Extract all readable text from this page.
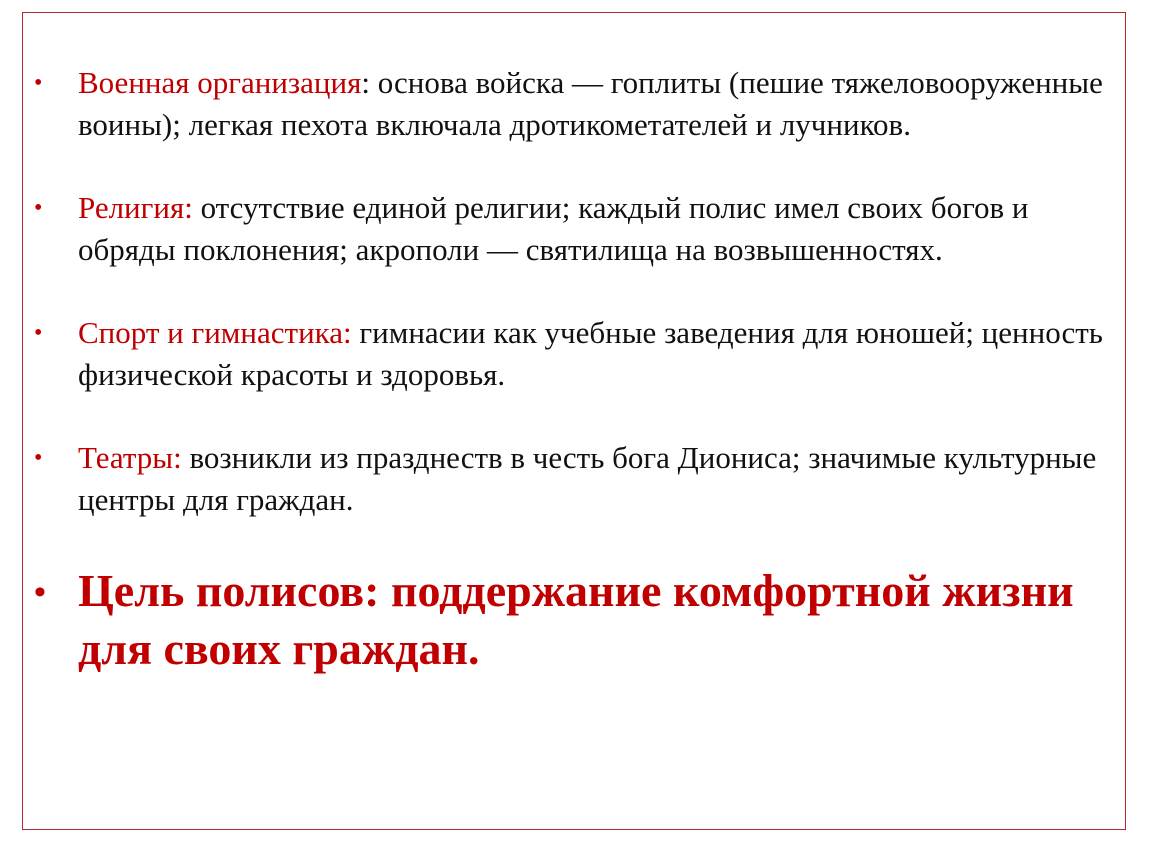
• Военная организация: основа войска — гоплиты (пешие тяжеловооруженные воины); легкая пехота включала дротикометателей и лучников.
• Религия: отсутствие единой религии; каждый полис имел своих богов и обряды поклонения; акрополи — святилища на возвышенностях.
• Спорт и гимнастика: гимнасии как учебные заведения для юношей; ценность физической красоты и здоровья.
• Театры: возникли из празднеств в честь бога Диониса; значимые культурные центры для граждан.
• Цель полисов: поддержание комфортной жизни для своих граждан.
